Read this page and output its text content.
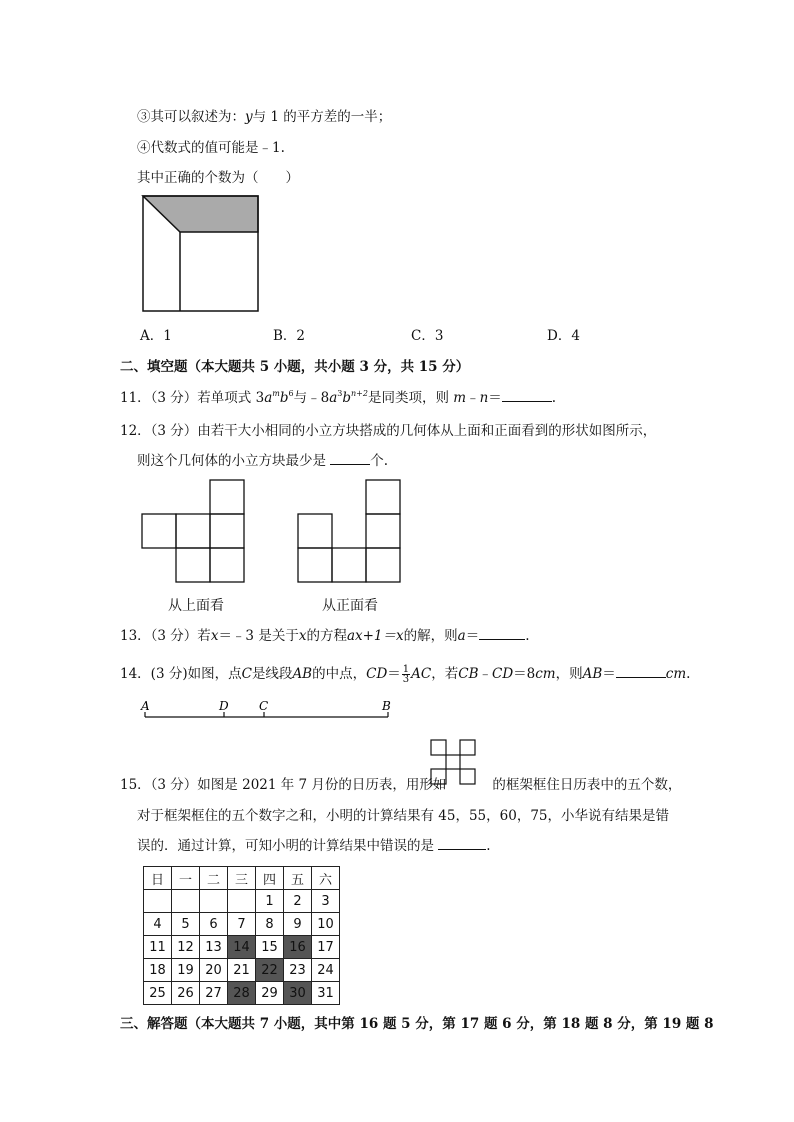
③其可以叙述为：y与 1 的平方差的一半；
④代数式的值可能是﹣1.
其中正确的个数为（　　）
A．1	B．2	C．3	D．4
二、填空题（本大题共 5 小题，共小题 3 分，共 15 分）
11．（3 分）若单项式 $3a^mb^6$与$﹣8a^3b^{n+2}$是同类项，则 m﹣n＝	.
12．（3 分）由若干大小相同的小立方块搭成的几何体从上面和正面看到的形状如图所示，
则这个几何体的小立方块最少是	个.
从上面看	从正面看
13．（3 分）若x＝﹣3 是关于x的方程ax+1＝x的解，则a＝	.
14．(3 分)如图，点C是线段AB的中点，$CD= \frac{1}{3}$ AC，若CB﹣CD＝8cm，则AB＝	cm.
A	D	C	B
15．（3 分）如图是 2021 年 7 月份的日历表，用形如	的框架框住日历表中的五个数，
对于框架框住的五个数字之和，小明的计算结果有 45，55，60，75，小华说有结果是错
误的．通过计算，可知小明的计算结果中错误的是	.
日	一	二	三	四	五	六
				1	2	3
4	5	6	7	8	9	10
11	12	13	14	15	16	17
18	19	20	21	22	23	24
25	26	27	28	29	30	31
三、解答题（本大题共 7 小题，其中第 16 题 5 分，第 17 题 6 分，第 18 题 8 分，第 19 题 8
